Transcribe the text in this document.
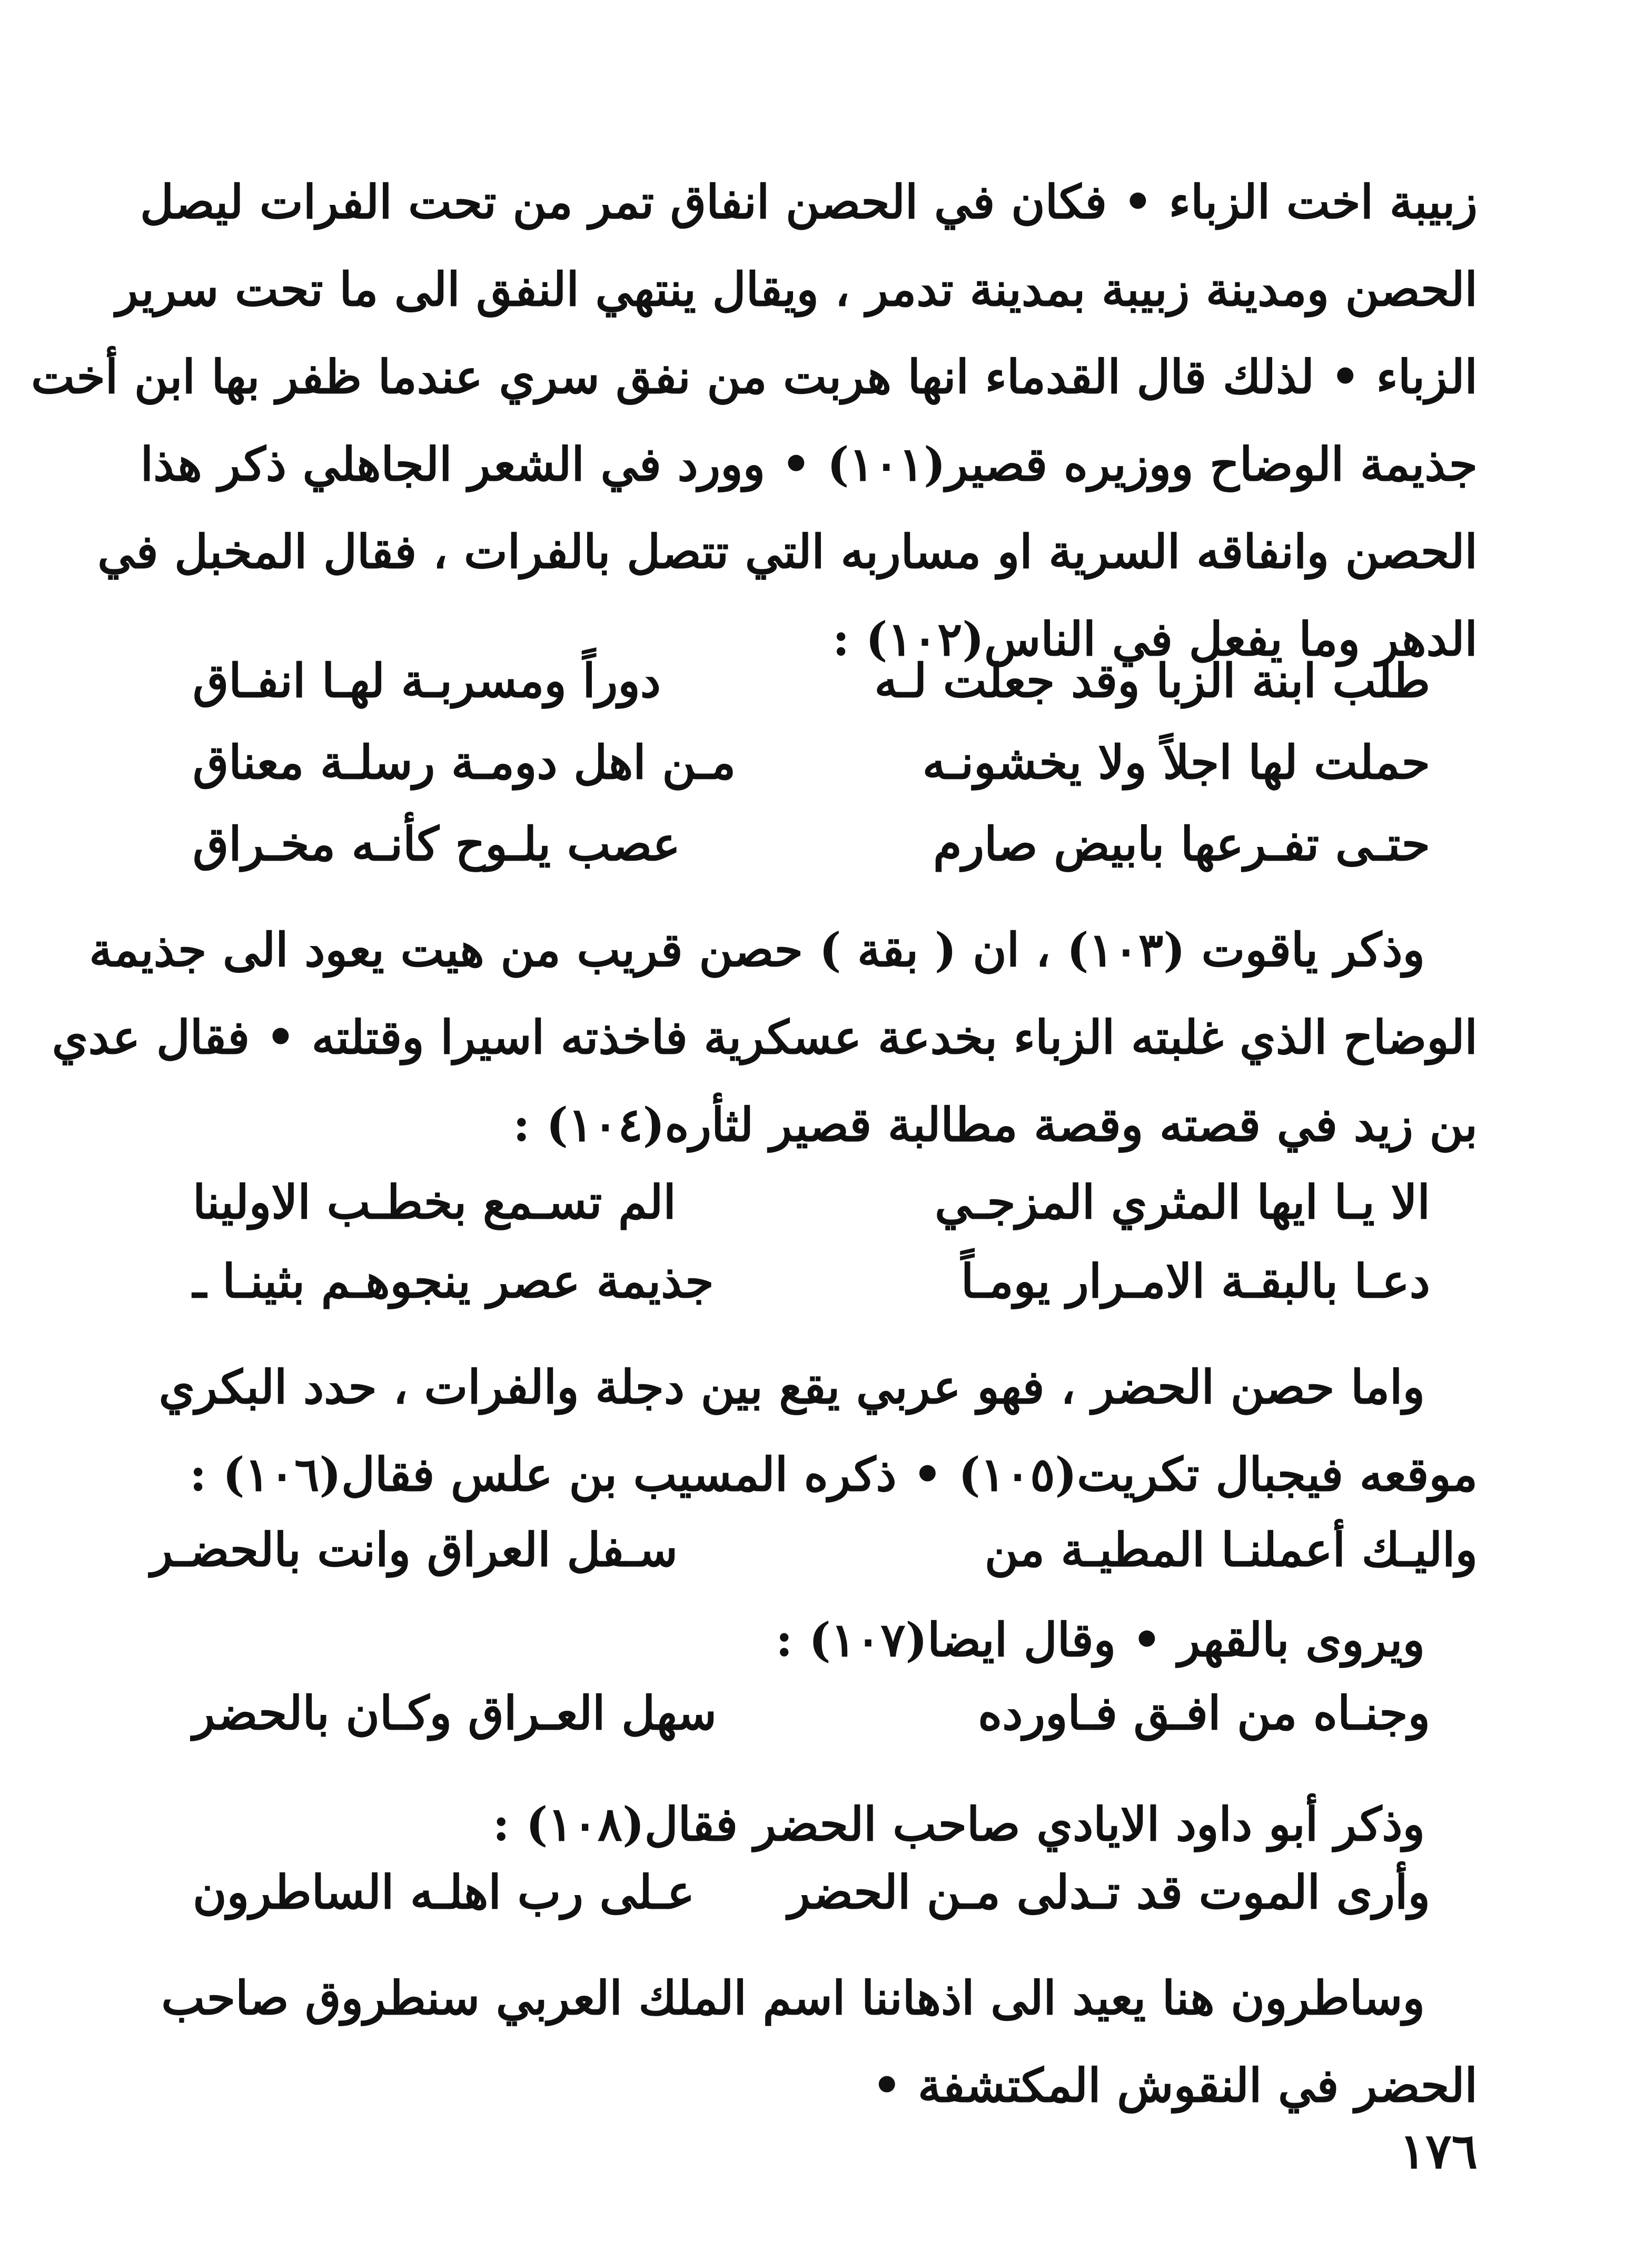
زبيبة اخت الزباء • فكان في الحصن انفاق تمر من تحت الفرات ليصل
الحصن ومدينة زبيبة بمدينة تدمر ، ويقال ينتهي النفق الى ما تحت سرير
الزباء • لذلك قال القدماء انها هربت من نفق سري عندما ظفر بها ابن أخت
جذيمة الوضاح ووزيره قصير(١٠١) • وورد في الشعر الجاهلي ذكر هذا
الحصن وانفاقه السرية او مساربه التي تتصل بالفرات ، فقال المخبل في
الدهر وما يفعل في الناس(١٠٢) :
طلب ابنة الزبا وقد جعلت لـه
دوراً ومسربـة لهـا انفـاق
حملت لها اجلاً ولا يخشونـه
مـن اهل دومـة رسلـة معناق
حتـى تفـرعها بابيض صارم
عصب يلـوح كأنـه مخـراق
وذكر ياقوت (١٠٣) ، ان ( بقة ) حصن قريب من هيت يعود الى جذيمة
الوضاح الذي غلبته الزباء بخدعة عسكرية فاخذته اسيرا وقتلته • فقال عدي
بن زيد في قصته وقصة مطالبة قصير لثأره(١٠٤) :
الا يـا ايها المثري المزجـي
الم تسـمع بخطـب الاولينا
دعـا بالبقـة الامـرار يومـاً
جذيمة عصر ينجوهـم بثينـا ـ
واما حصن الحضر ، فهو عربي يقع بين دجلة والفرات ، حدد البكري
موقعه فيجبال تكريت(١٠٥) • ذكره المسيب بن علس فقال(١٠٦) :
واليـك أعملنـا المطيـة من
سـفل العراق وانت بالحضـر
ويروى بالقهر • وقال ايضا(١٠٧) :
وجنـاه من افـق فـاورده
سهل العـراق وكـان بالحضر
وذكر أبو داود الايادي صاحب الحضر فقال(١٠٨) :
وأرى الموت قد تـدلى مـن الحضر
عـلى رب اهلـه الساطرون
وساطرون هنا يعيد الى اذهاننا اسم الملك العربي سنطروق صاحب
الحضر في النقوش المكتشفة •
١٧٦
